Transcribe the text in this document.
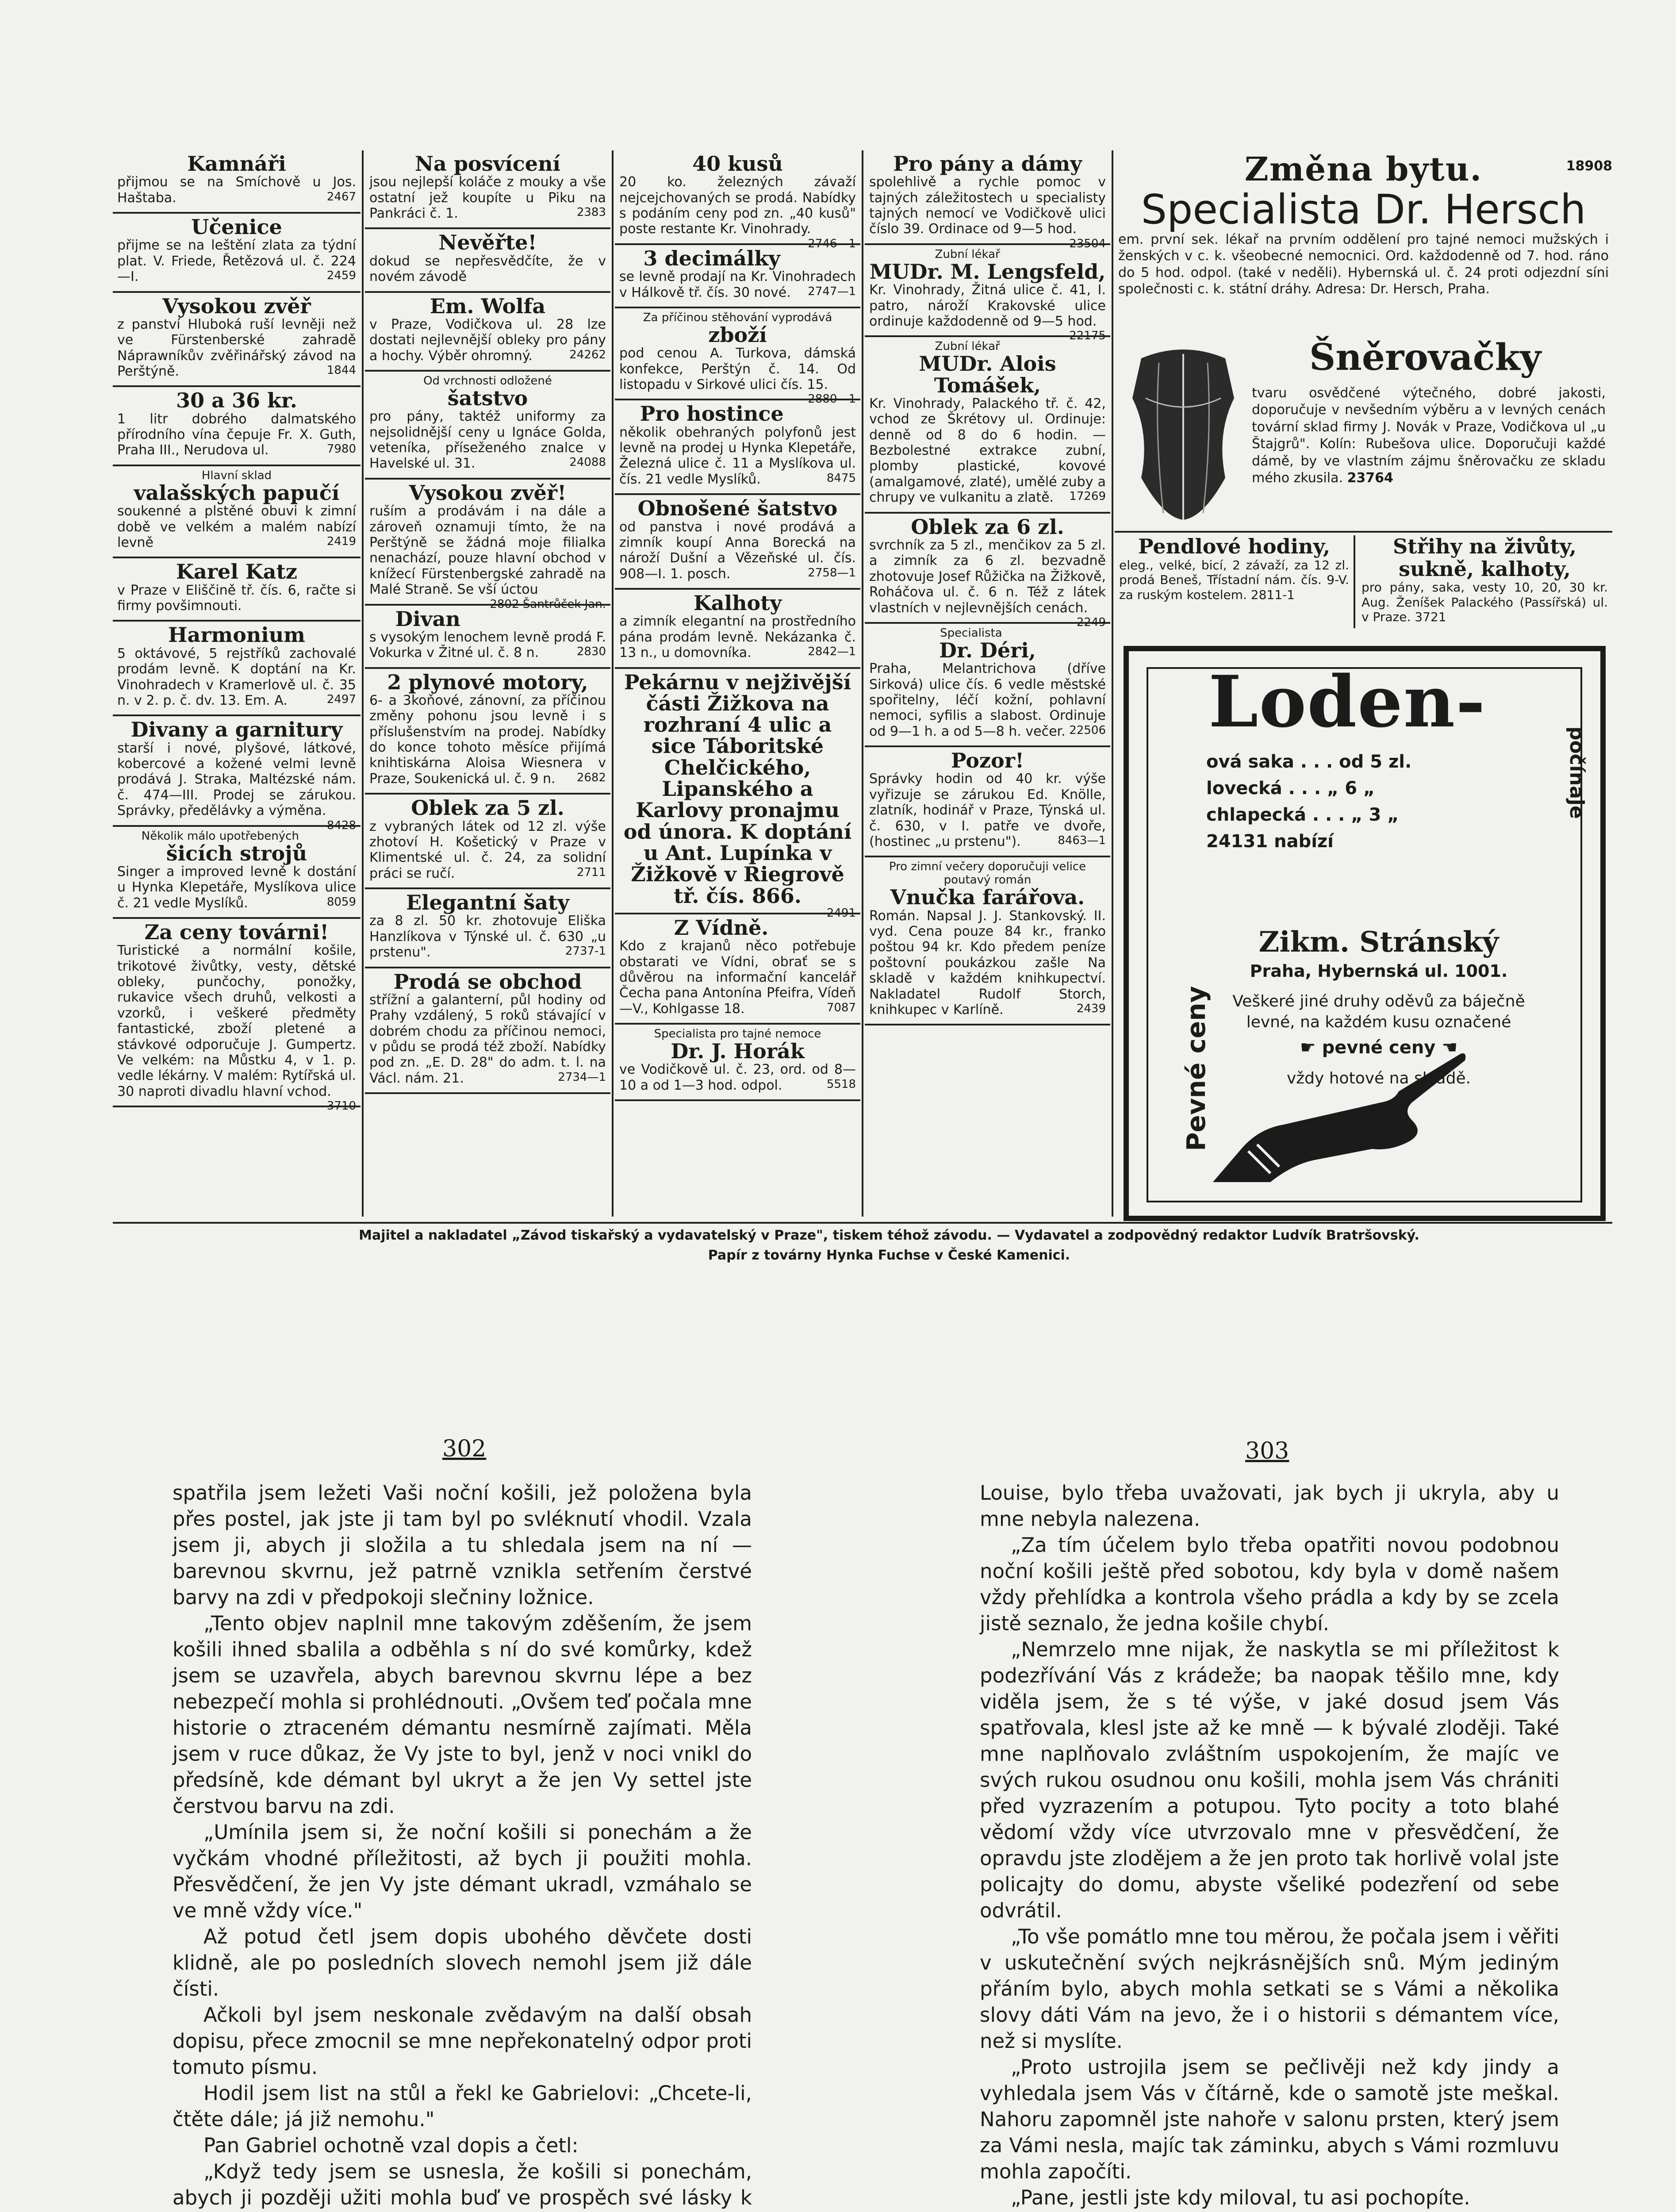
Kamnáři
přijmou se na Smíchově u Jos. Haštaba.	2467
Učenice
přijme se na leštění zlata za týdní plat. V. Friede, Řetězová ul. č. 224—I.	2459
Vysokou zvěř
z panství Hluboká ruší levněji než ve Fürstenberské zahradě Náprawníkův zvěřinářský závod na Perštýně.	1844
30 a 36 kr.
1 litr dobrého dalmatského přírodního vína čepuje Fr. X. Guth, Praha III., Nerudova ul.	7980
Hlavní sklad
valašských papučí
soukenné a plstěné obuvi k zimní době ve velkém a malém nabízí levně	2419
Karel Katz
v Praze v Eliščině tř. čís. 6, račte si firmy povšimnouti.
Harmonium
5 oktávové, 5 rejstříků zachovalé prodám levně. K doptání na Kr. Vinohradech v Kramerlově ul. č. 35 n. v 2. p. č. dv. 13. Em. A.	2497
Divany a garnitury
starší i nové, plyšové, látkové, kobercové a kožené velmi levně prodává J. Straka, Maltézské nám. č. 474—III. Prodej se zárukou. Správky, předělávky a výměna.
8428
Několik málo upotřebených
šicích strojů
Singer a improved levně k dostání u Hynka Klepetáře, Myslíkova ulice č. 21 vedle Myslíků.	8059
Za ceny továrni!
Turistické a normální košile, trikotové živůtky, vesty, dětské obleky, punčochy, ponožky, rukavice všech druhů, velkosti a vzorků, i veškeré předměty fantastické, zboží pletené a stávkové odporučuje J. Gumpertz. Ve velkém: na Můstku 4, v 1. p. vedle lékárny. V malém: Rytířská ul. 30 naproti divadlu hlavní vchod.
3710
Na posvícení
jsou nejlepší koláče z mouky a vše ostatní jež koupíte u Piku na Pankráci č. 1.	2383
Nevěřte!
dokud se nepřesvědčíte, že v novém závodě
Em. Wolfa
v Praze, Vodičkova ul. 28 lze dostati nejlevnější obleky pro pány a hochy. Výběr ohromný.	24262
Od vrchnosti odložené
šatstvo
pro pány, taktéž uniformy za nejsolidnější ceny u Ignáce Golda, veteníka, příseženého znalce v Havelské ul. 31.	24088
Vysokou zvěř!
ruším a prodávám i na dále a zároveň oznamuji tímto, že na Perštýně se žádná moje filialka nenachází, pouze hlavní obchod v knížecí Fürstenbergské zahradě na Malé Straně. Se vší úctou
2802 Šantrůček Jan.
Divan
s vysokým lenochem levně prodá F. Vokurka v Žitné ul. č. 8 n.	2830
2 plynové motory,
6- a 3koňové, zánovní, za příčinou změny pohonu jsou levně i s příslušenstvím na prodej. Nabídky do konce tohoto měsíce přijímá knihtiskárna Aloisa Wiesnera v Praze, Soukenická ul. č. 9 n. 2682
Oblek za 5 zl.
z vybraných látek od 12 zl. výše zhotoví H. Košetický v Praze v Klimentské ul. č. 24, za solidní práci se ručí.	2711
Elegantní šaty
za 8 zl. 50 kr. zhotovuje Eliška Hanzlíkova v Týnské ul. č. 630 „u prstenu".	2737-1
Prodá se obchod
střížní a galanterní, půl hodiny od Prahy vzdálený, 5 roků stávající v dobrém chodu za příčinou nemoci, v půdu se prodá též zboží. Nabídky pod zn. „E. D. 28" do adm. t. l. na Václ. nám. 21.	2734—1
40 kusů
20 ko. železných závaží nejcejchovaných se prodá. Nabídky s podáním ceny pod zn. „40 kusů" poste restante Kr. Vinohrady.
2746—1
3 decimálky
se levně prodají na Kr. Vinohradech v Hálkově tř. čís. 30 nové. 2747—1
Za příčinou stěhování vyprodává
zboží
pod cenou A. Turkova, dámská konfekce, Perštýn č. 14. Od listopadu v Sirkové ulici čís. 15.
2880—1
Pro hostince
několik obehraných polyfonů jest levně na prodej u Hynka Klepetáře, Železná ulice č. 11 a Myslíkova ul. čís. 21 vedle Myslíků.	8475
Obnošené šatstvo
od panstva i nové prodává a zimník koupí Anna Borecká na nároží Dušní a Vězeňské ul. čís. 908—I. 1. posch.	2758—1
Kalhoty
a zimník elegantní na prostředního pána prodám levně. Nekázanka č. 13 n., u domovníka.	2842—1
Pekárnu v nejživější části Žižkova na rozhraní 4 ulic a sice Táboritské Chelčického, Lipanského a Karlovy pronajmu od února. K doptání u Ant. Lupínka v Žižkově v Riegrově tř. čís. 866.
2491
Z Vídně.
Kdo z krajanů něco potřebuje obstarati ve Vídni, obrať se s důvěrou na informační kancelář Čecha pana Antonína Pfeifra, Vídeň—V., Kohlgasse 18.	7087
Specialista pro tajné nemoce
Dr. J. Horák
ve Vodičkově ul. č. 23, ord. od 8—10 a od 1—3 hod. odpol.	5518
Pro pány a dámy
spolehlivě a rychle pomoc v tajných záležitostech u specialisty tajných nemocí ve Vodičkově ulici číslo 39. Ordinace od 9—5 hod.
23504
Zubní lékař
MUDr. M. Lengsfeld,
Kr. Vinohrady, Žitná ulice č. 41, I. patro, nároží Krakovské ulice ordinuje každodenně od 9—5 hod.
22175
Zubní lékař
MUDr. Alois Tomášek,
Kr. Vinohrady, Palackého tř. č. 42, vchod ze Škrétovy ul. Ordinuje: denně od 8 do 6 hodin. — Bezbolestné extrakce zubní, plomby plastické, kovové (amalgamové, zlaté), umělé zuby a chrupy ve vulkanitu a zlatě. 17269
Oblek za 6 zl.
svrchník za 5 zl., menčikov za 5 zl. a zimník za 6 zl. bezvadně zhotovuje Josef Růžička na Žižkově, Roháčova ul. č. 6 n. Též z látek vlastních v nejlevnějších cenách.
2249
Specialista
Dr. Déri,
Praha, Melantrichova (dříve Sirková) ulice čís. 6 vedle městské spořitelny, léčí kožní, pohlavní nemoci, syfilis a slabost. Ordinuje od 9—1 h. a od 5—8 h. večer. 22506
Pozor!
Správky hodin od 40 kr. výše vyřizuje se zárukou Ed. Knölle, zlatník, hodinář v Praze, Týnská ul. č. 630, v I. patře ve dvoře, (hostinec „u prstenu").	8463—1
Pro zimní večery doporučuji velice poutavý román
Vnučka farářova.
Román. Napsal J. J. Stankovský. II. vyd. Cena pouze 84 kr., franko poštou 94 kr. Kdo předem peníze poštovní poukázkou zašle Na skladě v každém knihkupectví. Nakladatel Rudolf Storch, knihkupec v Karlíně.	2439
Změna bytu.	18908
Specialista Dr. Hersch
em. první sek. lékař na prvním oddělení pro tajné nemoci mužských i ženských v c. k. všeobecné nemocnici. Ord. každodenně od 7. hod. ráno do 5 hod. odpol. (také v neděli). Hybernská ul. č. 24 proti odjezdní síni společnosti c. k. státní dráhy. Adresa: Dr. Hersch, Praha.
Šněrovačky
tvaru osvědčené výtečného, dobré jakosti, doporučuje v nevšedním výběru a v levných cenách tovární sklad firmy J. Novák v Praze, Vodičkova ul „u Štajgrů". Kolín: Rubešova ulice. Doporučuji každé dámě, by ve vlastním zájmu šněrovačku ze skladu mého zkusila. 23764
Pendlové hodiny,
eleg., velké, bicí, 2 závaží, za 12 zl. prodá Beneš, Třístadní nám. čís. 9-V. za ruským kostelem. 2811-1
Střihy na živůty, sukně, kalhoty,
pro pány, saka, vesty 10, 20, 30 kr. Aug. Ženíšek Palackého (Passířská) ul. v Praze. 3721
Loden-
ová saka . . . od 5 zl.
lovecká . . . „ 6 „
chlapecká . . . „ 3 „
24131 nabízí
Pevné ceny
počínaje
Zikm. Stránský
Praha, Hybernská ul. 1001.
Veškeré jiné druhy oděvů za báječně levné, na každém kusu označené
☛ pevné ceny ☚
vždy hotové na skladě.
Majitel a nakladatel „Závod tiskařský a vydavatelský v Praze", tiskem téhož závodu. — Vydavatel a zodpovědný redaktor Ludvík Bratršovský.
Papír z továrny Hynka Fuchse v České Kamenici.
302	303

spatřila jsem ležeti Vaši noční košili, jež položena byla přes postel, jak jste ji tam byl po svléknutí vhodil. Vzala jsem ji, abych ji složila a tu shledala jsem na ní — barevnou skvrnu, jež patrně vznikla setřením čerstvé barvy na zdi v předpokoji slečniny ložnice.

„Tento objev naplnil mne takovým zděšením, že jsem košili ihned sbalila a odběhla s ní do své komůrky, kdež jsem se uzavřela, abych barevnou skvrnu lépe a bez nebezpečí mohla si prohlédnouti. „Ovšem teď počala mne historie o ztraceném démantu nesmírně zajímati. Měla jsem v ruce důkaz, že Vy jste to byl, jenž v noci vnikl do předsíně, kde démant byl ukryt a že jen Vy settel jste čerstvou barvu na zdi.

„Umínila jsem si, že noční košili si ponechám a že vyčkám vhodné příležitosti, až bych ji použiti mohla. Přesvědčení, že jen Vy jste démant ukradl, vzmáhalo se ve mně vždy více."

Až potud četl jsem dopis ubohého děvčete dosti klidně, ale po posledních slovech nemohl jsem již dále čísti.

Ačkoli byl jsem neskonale zvědavým na další obsah dopisu, přece zmocnil se mne nepřekonatelný odpor proti tomuto písmu.

Hodil jsem list na stůl a řekl ke Gabrielovi: „Chcete-li, čtěte dále; já již nemohu."

Pan Gabriel ochotně vzal dopis a četl:

„Když tedy jsem se usnesla, že košili si ponechám, abych ji později užiti mohla buď ve prospěch své lásky k

Louise, bylo třeba uvažovati, jak bych ji ukryla, aby u mne nebyla nalezena.

„Za tím účelem bylo třeba opatřiti novou podobnou noční košili ještě před sobotou, kdy byla v domě našem vždy přehlídka a kontrola všeho prádla a kdy by se zcela jistě seznalo, že jedna košile chybí.

„Nemrzelo mne nijak, že naskytla se mi příležitost k podezřívání Vás z krádeže; ba naopak těšilo mne, kdy viděla jsem, že s té výše, v jaké dosud jsem Vás spatřovala, klesl jste až ke mně — k bývalé zloději. Také mne naplňovalo zvláštním uspokojením, že majíc ve svých rukou osudnou onu košili, mohla jsem Vás chrániti před vyzrazením a potupou. Tyto pocity a toto blahé vědomí vždy více utvrzovalo mne v přesvědčení, že opravdu jste zlodějem a že jen proto tak horlivě volal jste policajty do domu, abyste všeliké podezření od sebe odvrátil.

„To vše pomátlo mne tou měrou, že počala jsem i věřiti v uskutečnění svých nejkrásnějších snů. Mým jediným přáním bylo, abych mohla setkati se s Vámi a několika slovy dáti Vám na jevo, že i o historii s démantem více, než si myslíte.

„Proto ustrojila jsem se pečlivěji než kdy jindy a vyhledala jsem Vás v čítárně, kde o samotě jste meškal. Nahoru zapomněl jste nahoře v salonu prsten, který jsem za Vámi nesla, majíc tak záminku, abych s Vámi rozmluvu mohla započíti.

„Pane, jestli jste kdy miloval, tu asi pochopíte.
